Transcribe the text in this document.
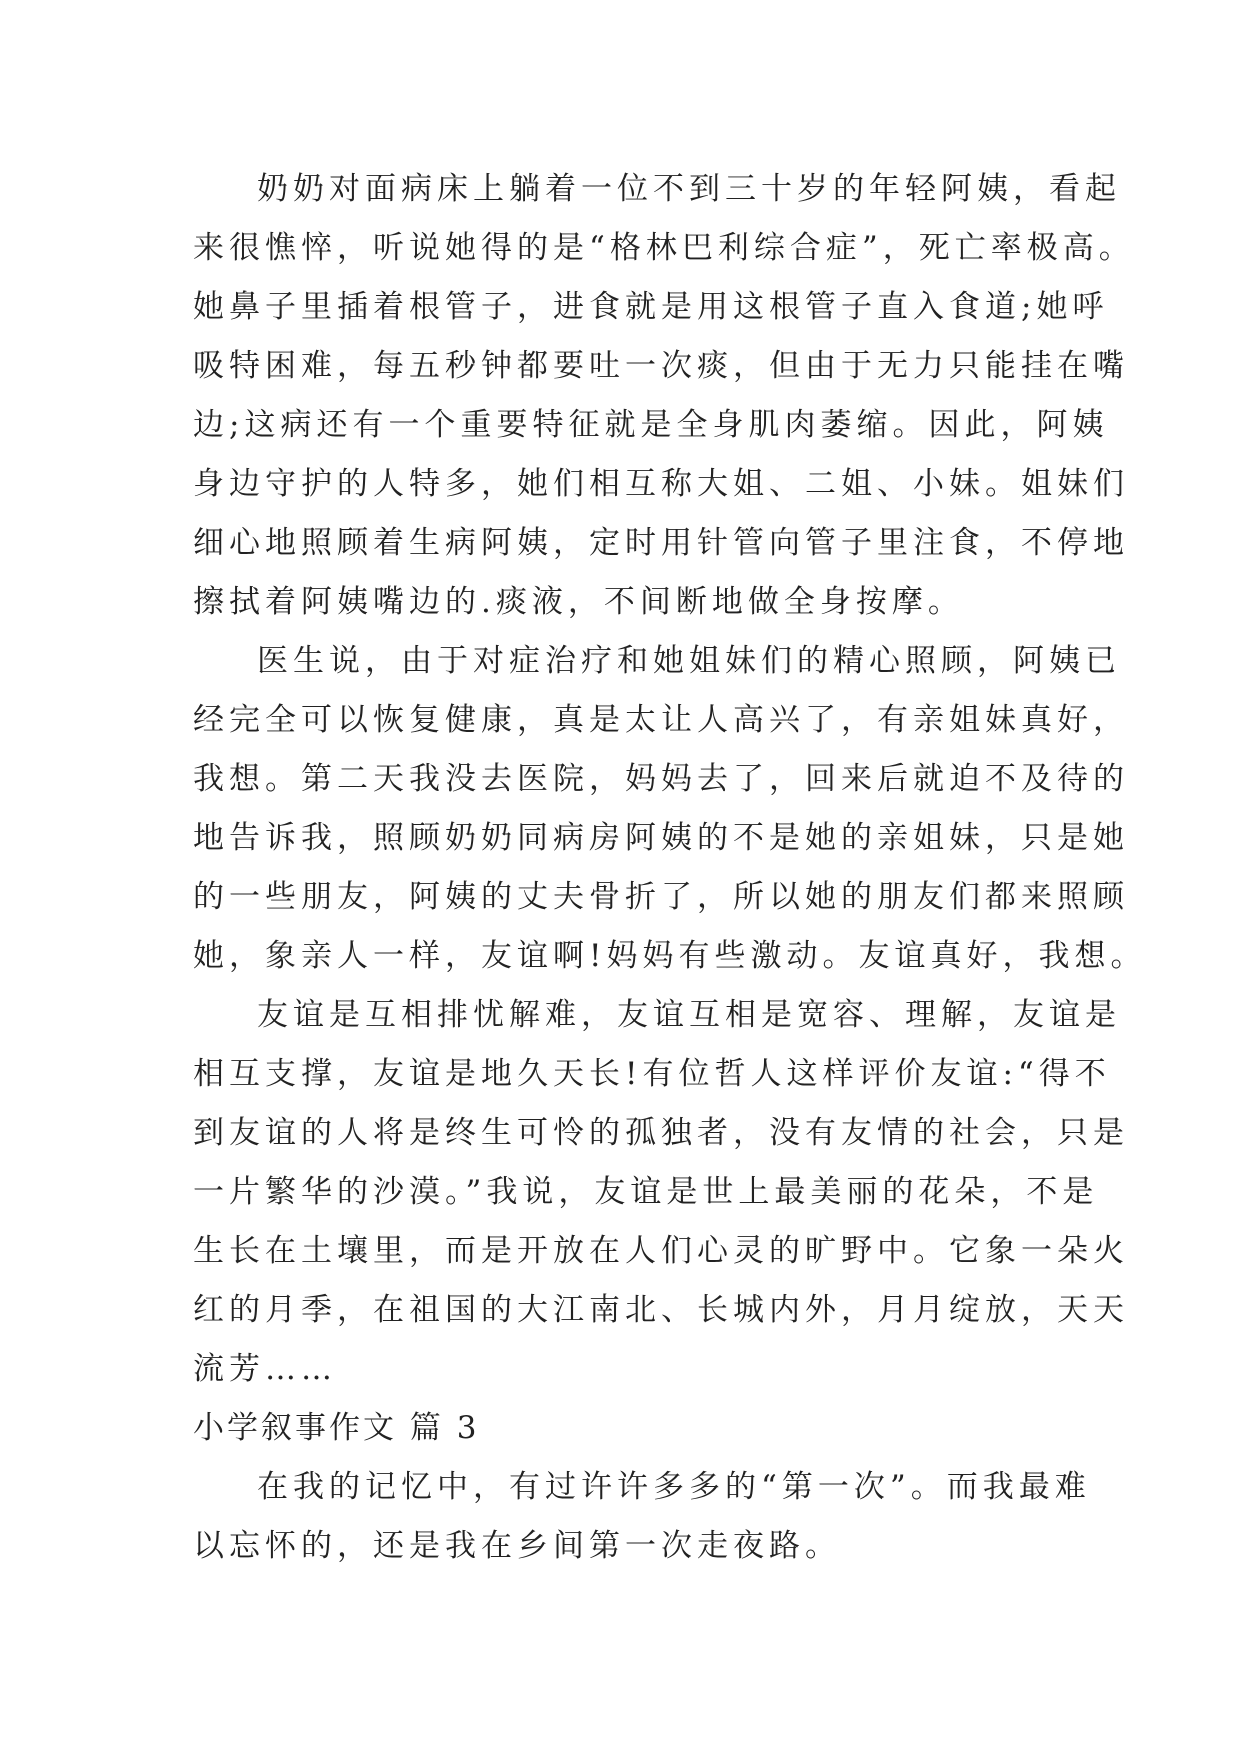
奶奶对面病床上躺着一位不到三十岁的年轻阿姨，看起
来很憔悴，听说她得的是“格林巴利综合症”，死亡率极高。
她鼻子里插着根管子，进食就是用这根管子直入食道;她呼
吸特困难，每五秒钟都要吐一次痰，但由于无力只能挂在嘴
边;这病还有一个重要特征就是全身肌肉萎缩。因此，阿姨
身边守护的人特多，她们相互称大姐、二姐、小妹。姐妹们
细心地照顾着生病阿姨，定时用针管向管子里注食，不停地
擦拭着阿姨嘴边的.痰液，不间断地做全身按摩。
医生说，由于对症治疗和她姐妹们的精心照顾，阿姨已
经完全可以恢复健康，真是太让人高兴了，有亲姐妹真好，
我想。第二天我没去医院，妈妈去了，回来后就迫不及待的
地告诉我，照顾奶奶同病房阿姨的不是她的亲姐妹，只是她
的一些朋友，阿姨的丈夫骨折了，所以她的朋友们都来照顾
她，象亲人一样，友谊啊!妈妈有些激动。友谊真好，我想。
友谊是互相排忧解难，友谊互相是宽容、理解，友谊是
相互支撑，友谊是地久天长!有位哲人这样评价友谊:“得不
到友谊的人将是终生可怜的孤独者，没有友情的社会，只是
一片繁华的沙漠。”我说，友谊是世上最美丽的花朵，不是
生长在土壤里，而是开放在人们心灵的旷野中。它象一朵火
红的月季，在祖国的大江南北、长城内外，月月绽放，天天
流芳……
小学叙事作文 篇 3
在我的记忆中，有过许许多多的“第一次”。而我最难
以忘怀的，还是我在乡间第一次走夜路。
